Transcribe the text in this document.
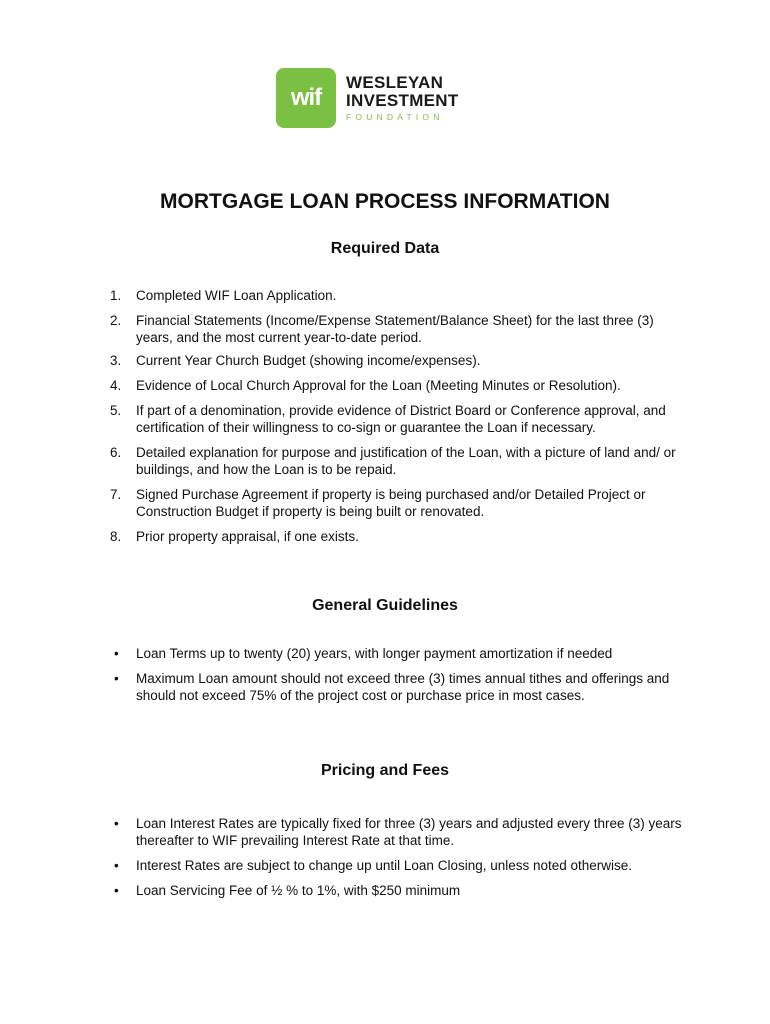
wif
WESLEYAN
INVESTMENT
FOUNDATION
MORTGAGE LOAN PROCESS INFORMATION
Required Data
1.	Completed WIF Loan Application.
2.	Financial Statements (Income/Expense Statement/Balance Sheet) for the last three (3) years, and the most current year-to-date period.
3.	Current Year Church Budget (showing income/expenses).
4.	Evidence of Local Church Approval for the Loan (Meeting Minutes or Resolution).
5.	If part of a denomination, provide evidence of District Board or Conference approval, and certification of their willingness to co-sign or guarantee the Loan if necessary.
6.	Detailed explanation for purpose and justification of the Loan, with a picture of land and/ or buildings, and how the Loan is to be repaid.
7.	Signed Purchase Agreement if property is being purchased and/or Detailed Project or Construction Budget if property is being built or renovated.
8.	Prior property appraisal, if one exists.
General Guidelines
•	Loan Terms up to twenty (20) years, with longer payment amortization if needed
•	Maximum Loan amount should not exceed three (3) times annual tithes and offerings and should not exceed 75% of the project cost or purchase price in most cases.
Pricing and Fees
•	Loan Interest Rates are typically fixed for three (3) years and adjusted every three (3) years thereafter to WIF prevailing Interest Rate at that time.
•	Interest Rates are subject to change up until Loan Closing, unless noted otherwise.
•	Loan Servicing Fee of ½ % to 1%, with $250 minimum
